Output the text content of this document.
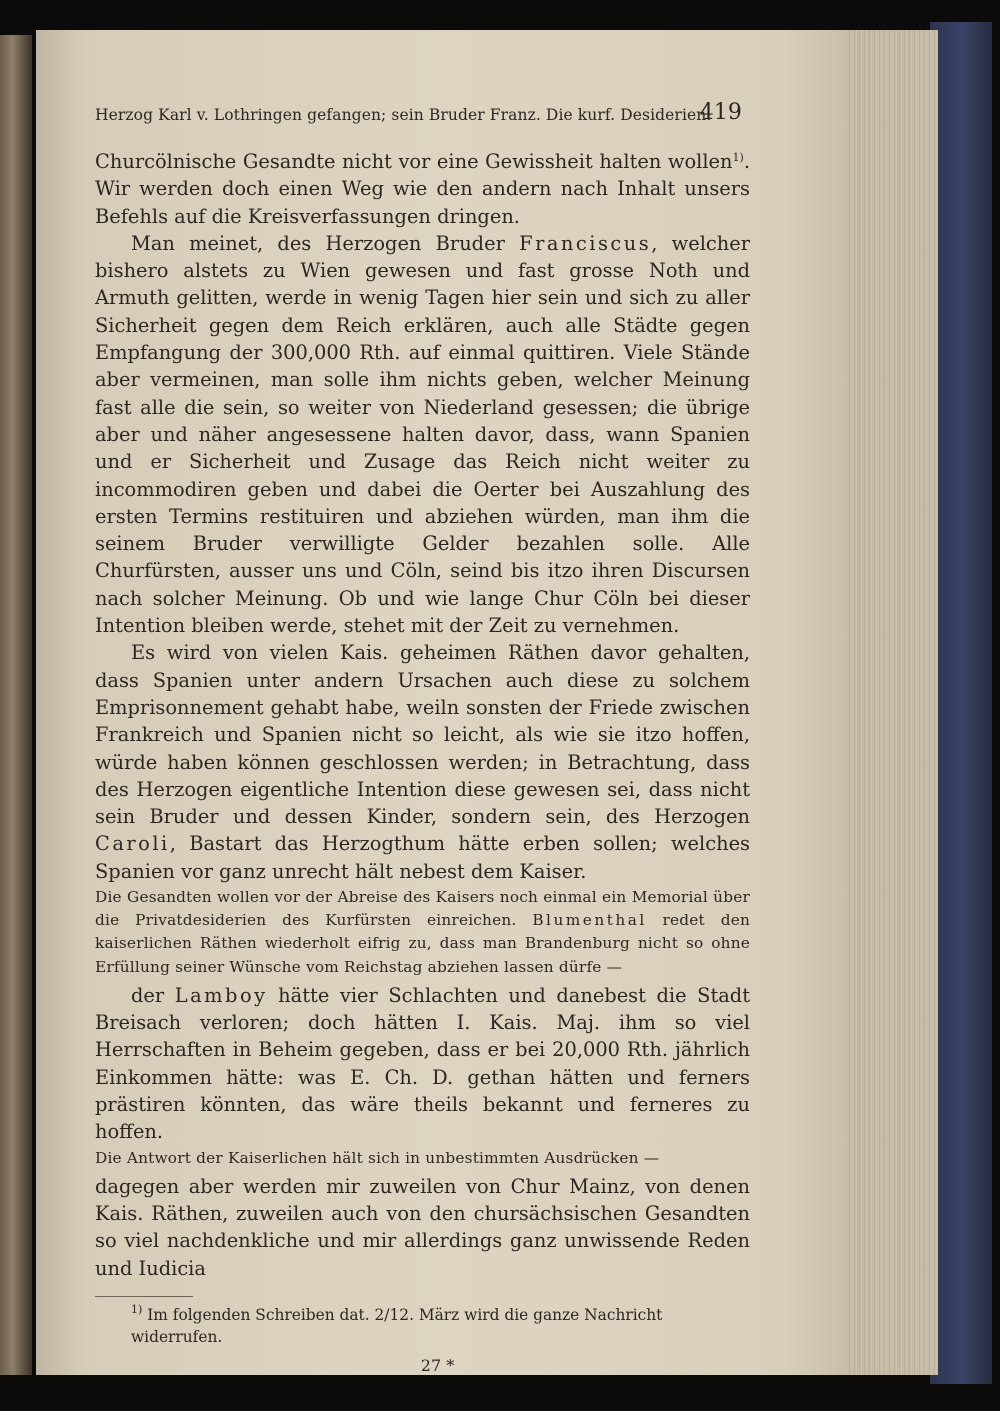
Herzog Karl v. Lothringen gefangen; sein Bruder Franz. Die kurf. Desiderien.
419

Churcölnische Gesandte nicht vor eine Gewissheit halten wollen$^{1)}$. Wir werden doch einen Weg wie den andern nach Inhalt unsers Befehls auf die Kreisverfassungen dringen.

Man meinet, des Herzogen Bruder Franciscus, welcher bishero alstets zu Wien gewesen und fast grosse Noth und Armuth gelitten, werde in wenig Tagen hier sein und sich zu aller Sicherheit gegen dem Reich erklären, auch alle Städte gegen Empfangung der 300,000 Rth. auf einmal quittiren. Viele Stände aber vermeinen, man solle ihm nichts geben, welcher Meinung fast alle die sein, so weiter von Niederland gesessen; die übrige aber und näher angesessene halten davor, dass, wann Spanien und er Sicherheit und Zusage das Reich nicht weiter zu incommodiren geben und dabei die Oerter bei Auszahlung des ersten Termins restituiren und abziehen würden, man ihm die seinem Bruder verwilligte Gelder bezahlen solle. Alle Churfürsten, ausser uns und Cöln, seind bis itzo ihren Discursen nach solcher Meinung. Ob und wie lange Chur Cöln bei dieser Intention bleiben werde, stehet mit der Zeit zu vernehmen.

Es wird von vielen Kais. geheimen Räthen davor gehalten, dass Spanien unter andern Ursachen auch diese zu solchem Emprisonnement gehabt habe, weiln sonsten der Friede zwischen Frankreich und Spanien nicht so leicht, als wie sie itzo hoffen, würde haben können geschlossen werden; in Betrachtung, dass des Herzogen eigentliche Intention diese gewesen sei, dass nicht sein Bruder und dessen Kinder, sondern sein, des Herzogen Caroli, Bastart das Herzogthum hätte erben sollen; welches Spanien vor ganz unrecht hält nebest dem Kaiser.

Die Gesandten wollen vor der Abreise des Kaisers noch einmal ein Memorial über die Privatdesiderien des Kurfürsten einreichen. Blumenthal redet den kaiserlichen Räthen wiederholt eifrig zu, dass man Brandenburg nicht so ohne Erfüllung seiner Wünsche vom Reichstag abziehen lassen dürfe —

der Lamboy hätte vier Schlachten und danebest die Stadt Breisach verloren; doch hätten I. Kais. Maj. ihm so viel Herrschaften in Beheim gegeben, dass er bei 20,000 Rth. jährlich Einkommen hätte: was E. Ch. D. gethan hätten und ferners prästiren könnten, das wäre theils bekannt und ferneres zu hoffen.

Die Antwort der Kaiserlichen hält sich in unbestimmten Ausdrücken —

dagegen aber werden mir zuweilen von Chur Mainz, von denen Kais. Räthen, zuweilen auch von den chursächsischen Gesandten so viel nachdenkliche und mir allerdings ganz unwissende Reden und Iudicia

$^{1)}$ Im folgenden Schreiben dat. 2/12. März wird die ganze Nachricht widerrufen.
27 *
